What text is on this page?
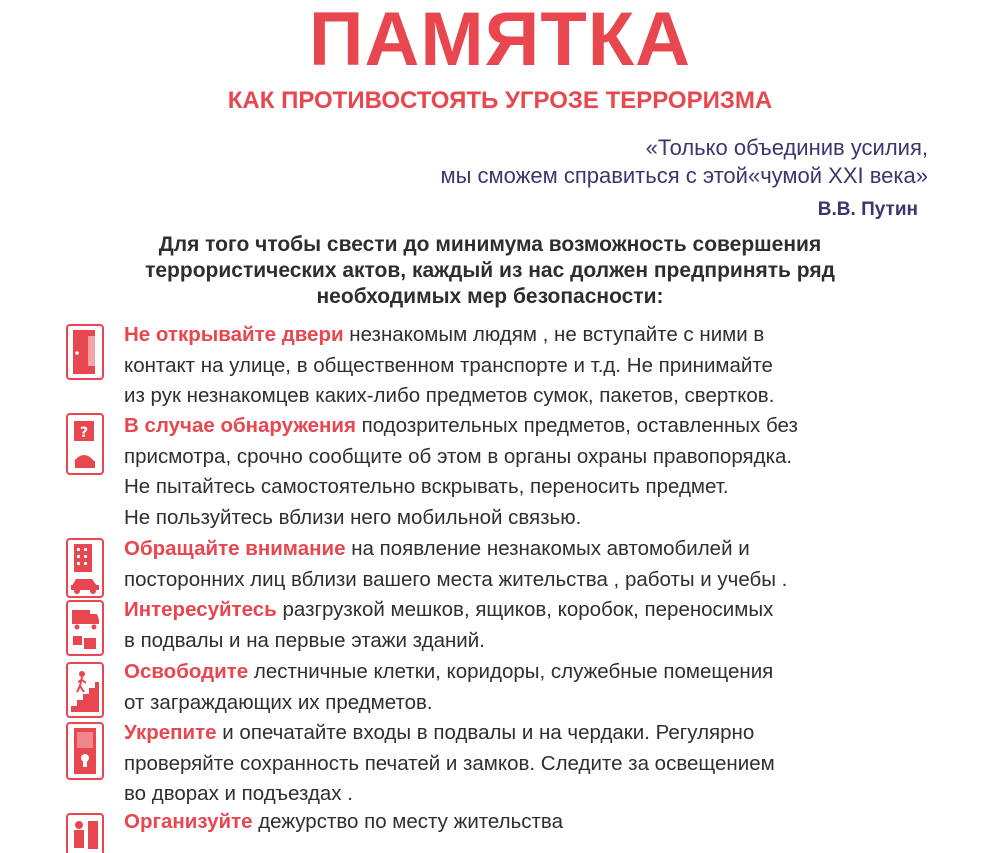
ПАМЯТКА
КАК ПРОТИВОСТОЯТЬ УГРОЗЕ ТЕРРОРИЗМА
«Только объединив усилия,
мы сможем справиться с этой«чумой XXI века»
В.В. Путин
Для того чтобы свести до минимума возможность совершения
террористических актов, каждый из нас должен предпринять ряд
необходимых мер безопасности:
Не открывайте двери незнакомым людям , не вступайте с ними в
контакт на улице, в общественном транспорте и т.д. Не принимайте
из рук незнакомцев каких-либо предметов сумок, пакетов, свертков.
? В случае обнаружения подозрительных предметов, оставленных без
присмотра, срочно сообщите об этом в органы охраны правопорядка.
Не пытайтесь самостоятельно вскрывать, переносить предмет.
Не пользуйтесь вблизи него мобильной связью.
Обращайте внимание на появление незнакомых автомобилей и
посторонних лиц вблизи вашего места жительства , работы и учебы .
Интересуйтесь разгрузкой мешков, ящиков, коробок, переносимых
в подвалы и на первые этажи зданий.
Освободите лестничные клетки, коридоры, служебные помещения
от заграждающих их предметов.
Укрепите и опечатайте входы в подвалы и на чердаки. Регулярно
проверяйте сохранность печатей и замков. Следите за освещением
во дворах и подъездах .
Организуйте дежурство по месту жительства
